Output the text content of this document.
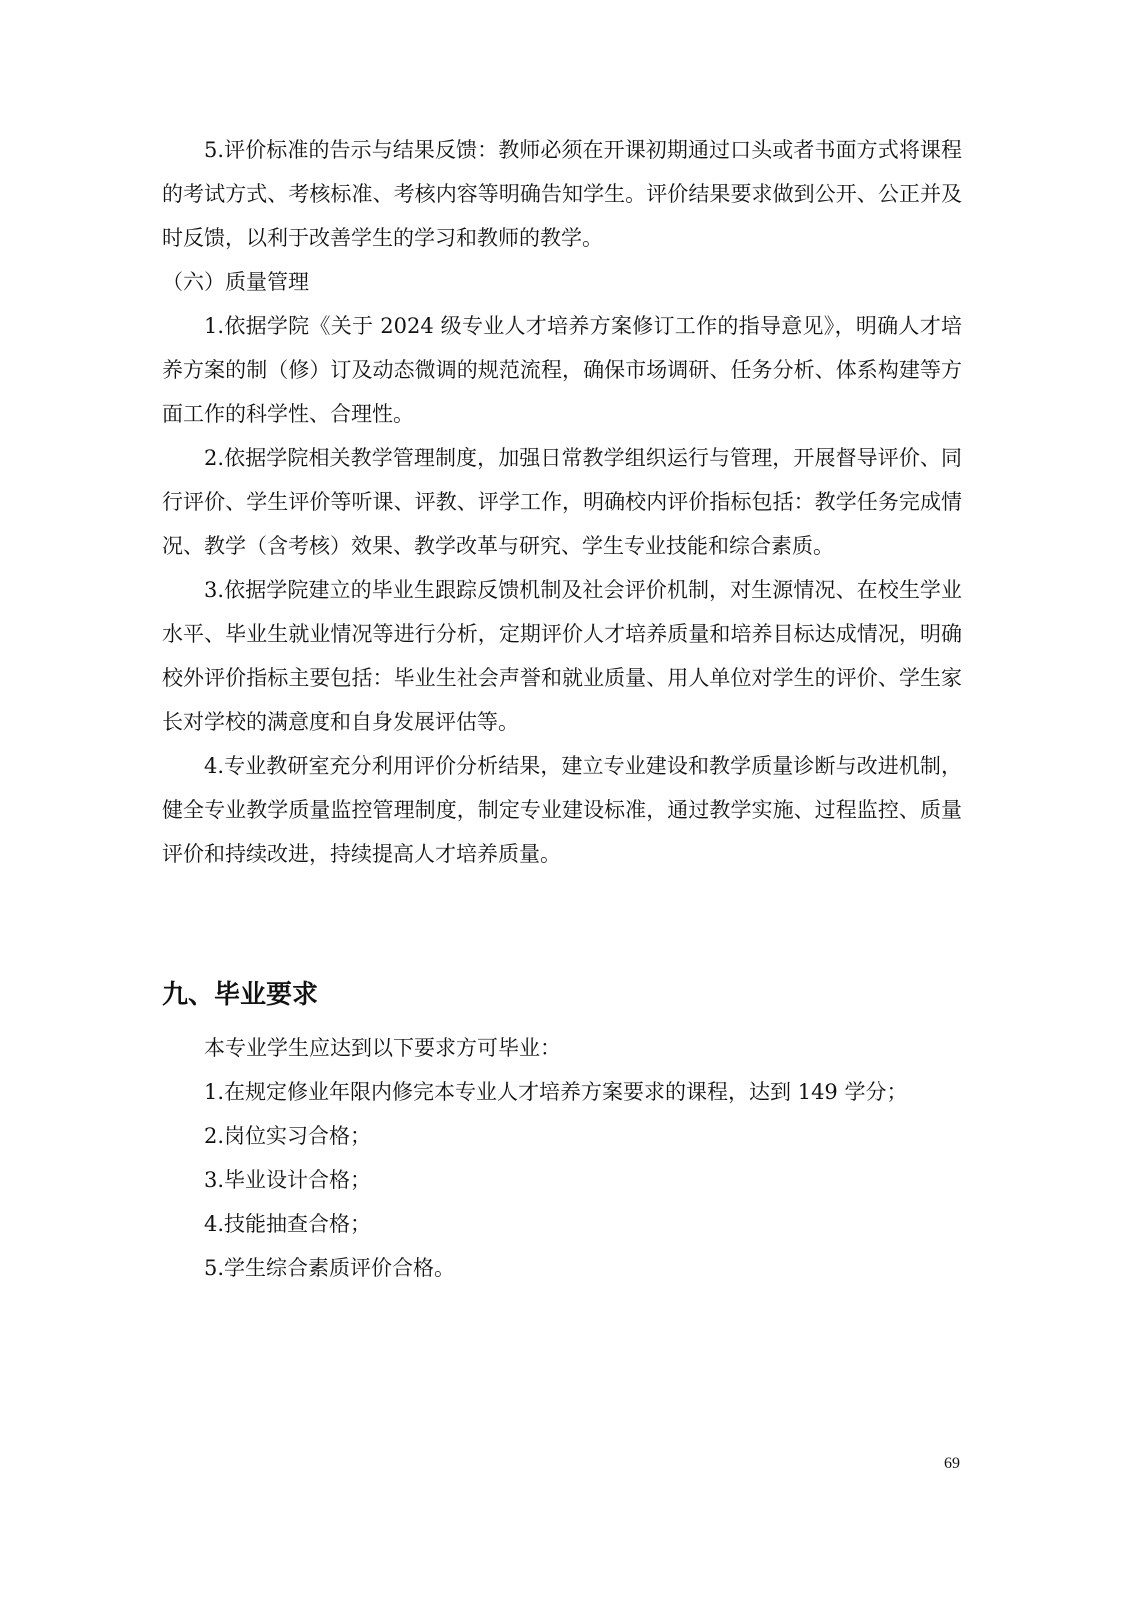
5.评价标准的告示与结果反馈：教师必须在开课初期通过口头或者书面方式将课程的考试方式、考核标准、考核内容等明确告知学生。评价结果要求做到公开、公正并及时反馈，以利于改善学生的学习和教师的教学。

（六）质量管理

1.依据学院《关于 2024 级专业人才培养方案修订工作的指导意见》，明确人才培养方案的制（修）订及动态微调的规范流程，确保市场调研、任务分析、体系构建等方面工作的科学性、合理性。

2.依据学院相关教学管理制度，加强日常教学组织运行与管理，开展督导评价、同行评价、学生评价等听课、评教、评学工作，明确校内评价指标包括：教学任务完成情况、教学（含考核）效果、教学改革与研究、学生专业技能和综合素质。

3.依据学院建立的毕业生跟踪反馈机制及社会评价机制，对生源情况、在校生学业水平、毕业生就业情况等进行分析，定期评价人才培养质量和培养目标达成情况，明确校外评价指标主要包括：毕业生社会声誉和就业质量、用人单位对学生的评价、学生家长对学校的满意度和自身发展评估等。

4.专业教研室充分利用评价分析结果，建立专业建设和教学质量诊断与改进机制，健全专业教学质量监控管理制度，制定专业建设标准，通过教学实施、过程监控、质量评价和持续改进，持续提高人才培养质量。

九、毕业要求

本专业学生应达到以下要求方可毕业：

1.在规定修业年限内修完本专业人才培养方案要求的课程，达到 149 学分；

2.岗位实习合格；

3.毕业设计合格；

4.技能抽查合格；

5.学生综合素质评价合格。

69
